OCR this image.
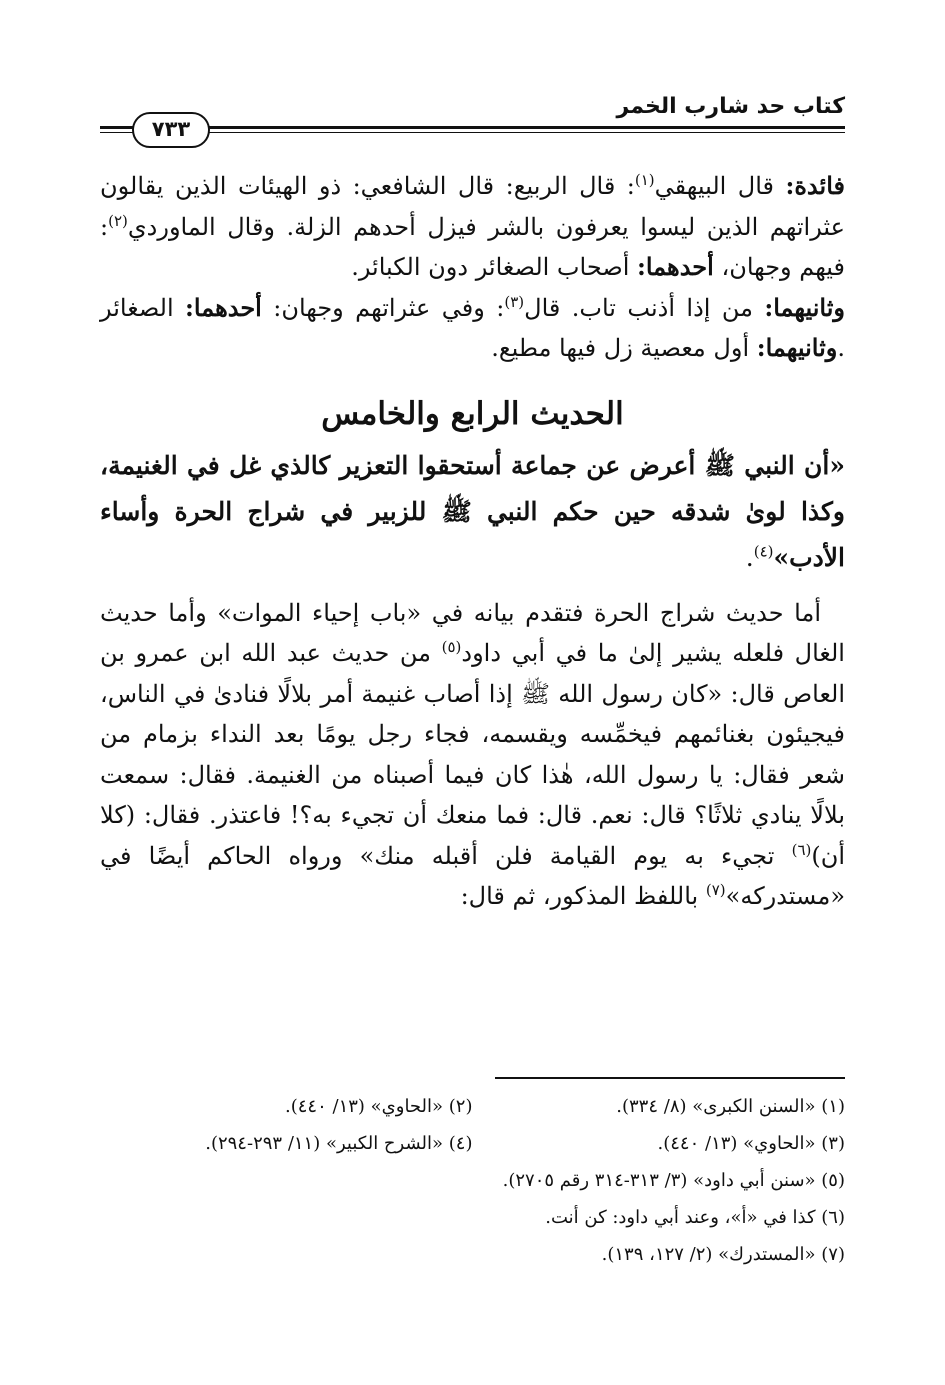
كتاب حد شارب الخمر
٧٣٣

فائدة: قال البيهقي$^{(١)}$: قال الربيع: قال الشافعي: ذو الهيئات الذين يقالون عثراتهم الذين ليسوا يعرفون بالشر فيزل أحدهم الزلة. وقال الماوردي$^{(٢)}$: فيهم وجهان، أحدهما: أصحاب الصغائر دون الكبائر.

وثانيهما: من إذا أذنب تاب. قال$^{(٣)}$: وفي عثراتهم وجهان: أحدهما: الصغائر .وثانيهما: أول معصية زل فيها مطيع.

الحديث الرابع والخامس

«أن النبي ﷺ أعرض عن جماعة أستحقوا التعزير كالذي غل في الغنيمة، وكذا لوىٰ شدقه حين حكم النبي ﷺ للزبير في شراج الحرة وأساء الأدب»$^{(٤)}$.

أما حديث شراج الحرة فتقدم بيانه في «باب إحياء الموات» وأما حديث الغال فلعله يشير إلىٰ ما في أبي داود$^{(٥)}$ من حديث عبد الله ابن عمرو بن العاص قال: «كان رسول الله ﷺ إذا أصاب غنيمة أمر بلالًا فنادىٰ في الناس، فيجيئون بغنائمهم فيخمِّسه ويقسمه، فجاء رجل يومًا بعد النداء بزمام من شعر فقال: يا رسول الله، هٰذا كان فيما أصبناه من الغنيمة. فقال: سمعت بلالًا ينادي ثلاثًا؟ قال: نعم. قال: فما منعك أن تجيء به؟! فاعتذر. فقال: (كلا أن)$^{(٦)}$ تجيء به يوم القيامة فلن أقبله منك» ورواه الحاكم أيضًا في «مستدركه»$^{(٧)}$ باللفظ المذكور، ثم قال:

(١) «السنن الكبرى» (٨/ ٣٣٤).
(٢) «الحاوي» (١٣/ ٤٤٠).
(٣) «الحاوي» (١٣/ ٤٤٠).
(٤) «الشرح الكبير» (١١/ ٢٩٣-٢٩٤).
(٥) «سنن أبي داود» (٣/ ٣١٣-٣١٤ رقم ٢٧٠٥).
(٦) كذا في «أ»، وعند أبي داود: كن أنت.
(٧) «المستدرك» (٢/ ١٢٧، ١٣٩).
